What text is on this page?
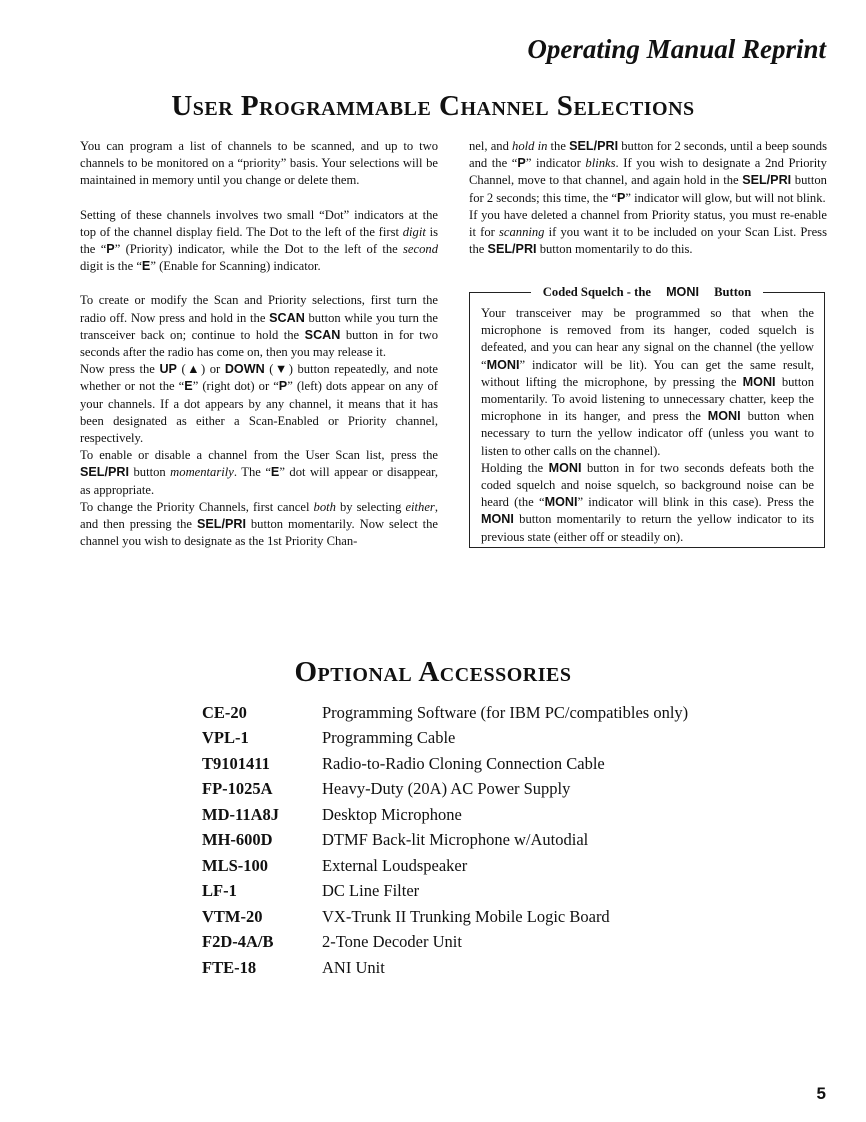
Operating Manual Reprint
User Programmable Channel Selections

You can program a list of channels to be scanned, and up to two channels to be monitored on a “priority” basis. Your selections will be maintained in memory until you change or delete them.

Setting of these channels involves two small “Dot” indicators at the top of the channel display field. The Dot to the left of the first digit is the “P” (Priority) indicator, while the Dot to the left of the second digit is the “E” (Enable for Scanning) indicator.

To create or modify the Scan and Priority selections, first turn the radio off. Now press and hold in the SCAN button while you turn the transceiver back on; continue to hold the SCAN button in for two seconds after the radio has come on, then you may release it.

Now press the UP (▲) or DOWN (▼) button repeatedly, and note whether or not the “E” (right dot) or “P” (left) dots appear on any of your channels. If a dot appears by any channel, it means that it has been designated as either a Scan-Enabled or Priority channel, respectively.

To enable or disable a channel from the User Scan list, press the SEL/PRI button momentarily. The “E” dot will appear or disappear, as appropriate.

To change the Priority Channels, first cancel both by selecting either, and then pressing the SEL/PRI button momentarily. Now select the channel you wish to designate as the 1st Priority Chan-

nel, and hold in the SEL/PRI button for 2 seconds, until a beep sounds and the “P” indicator blinks. If you wish to designate a 2nd Priority Channel, move to that channel, and again hold in the SEL/PRI button for 2 seconds; this time, the “P” indicator will glow, but will not blink.

If you have deleted a channel from Priority status, you must re-enable it for scanning if you want it to be included on your Scan List. Press the SEL/PRI button momentarily to do this.

Coded Squelch - the MONI Button

Your transceiver may be programmed so that when the microphone is removed from its hanger, coded squelch is defeated, and you can hear any signal on the channel (the yellow “MONI” indicator will be lit). You can get the same result, without lifting the microphone, by pressing the MONI button momentarily. To avoid listening to unnecessary chatter, keep the microphone in its hanger, and press the MONI button when necessary to turn the yellow indicator off (unless you want to listen to other calls on the channel).

Holding the MONI button in for two seconds defeats both the coded squelch and noise squelch, so background noise can be heard (the “MONI” indicator will blink in this case). Press the MONI button momentarily to return the yellow indicator to its previous state (either off or steadily on).

Optional Accessories
CE-20	Programming Software (for IBM PC/compatibles only)
VPL-1	Programming Cable
T9101411	Radio-to-Radio Cloning Connection Cable
FP-1025A	Heavy-Duty (20A) AC Power Supply
MD-11A8J	Desktop Microphone
MH-600D	DTMF Back-lit Microphone w/Autodial
MLS-100	External Loudspeaker
LF-1	DC Line Filter
VTM-20	VX-Trunk II Trunking Mobile Logic Board
F2D-4A/B	2-Tone Decoder Unit
FTE-18	ANI Unit
5
